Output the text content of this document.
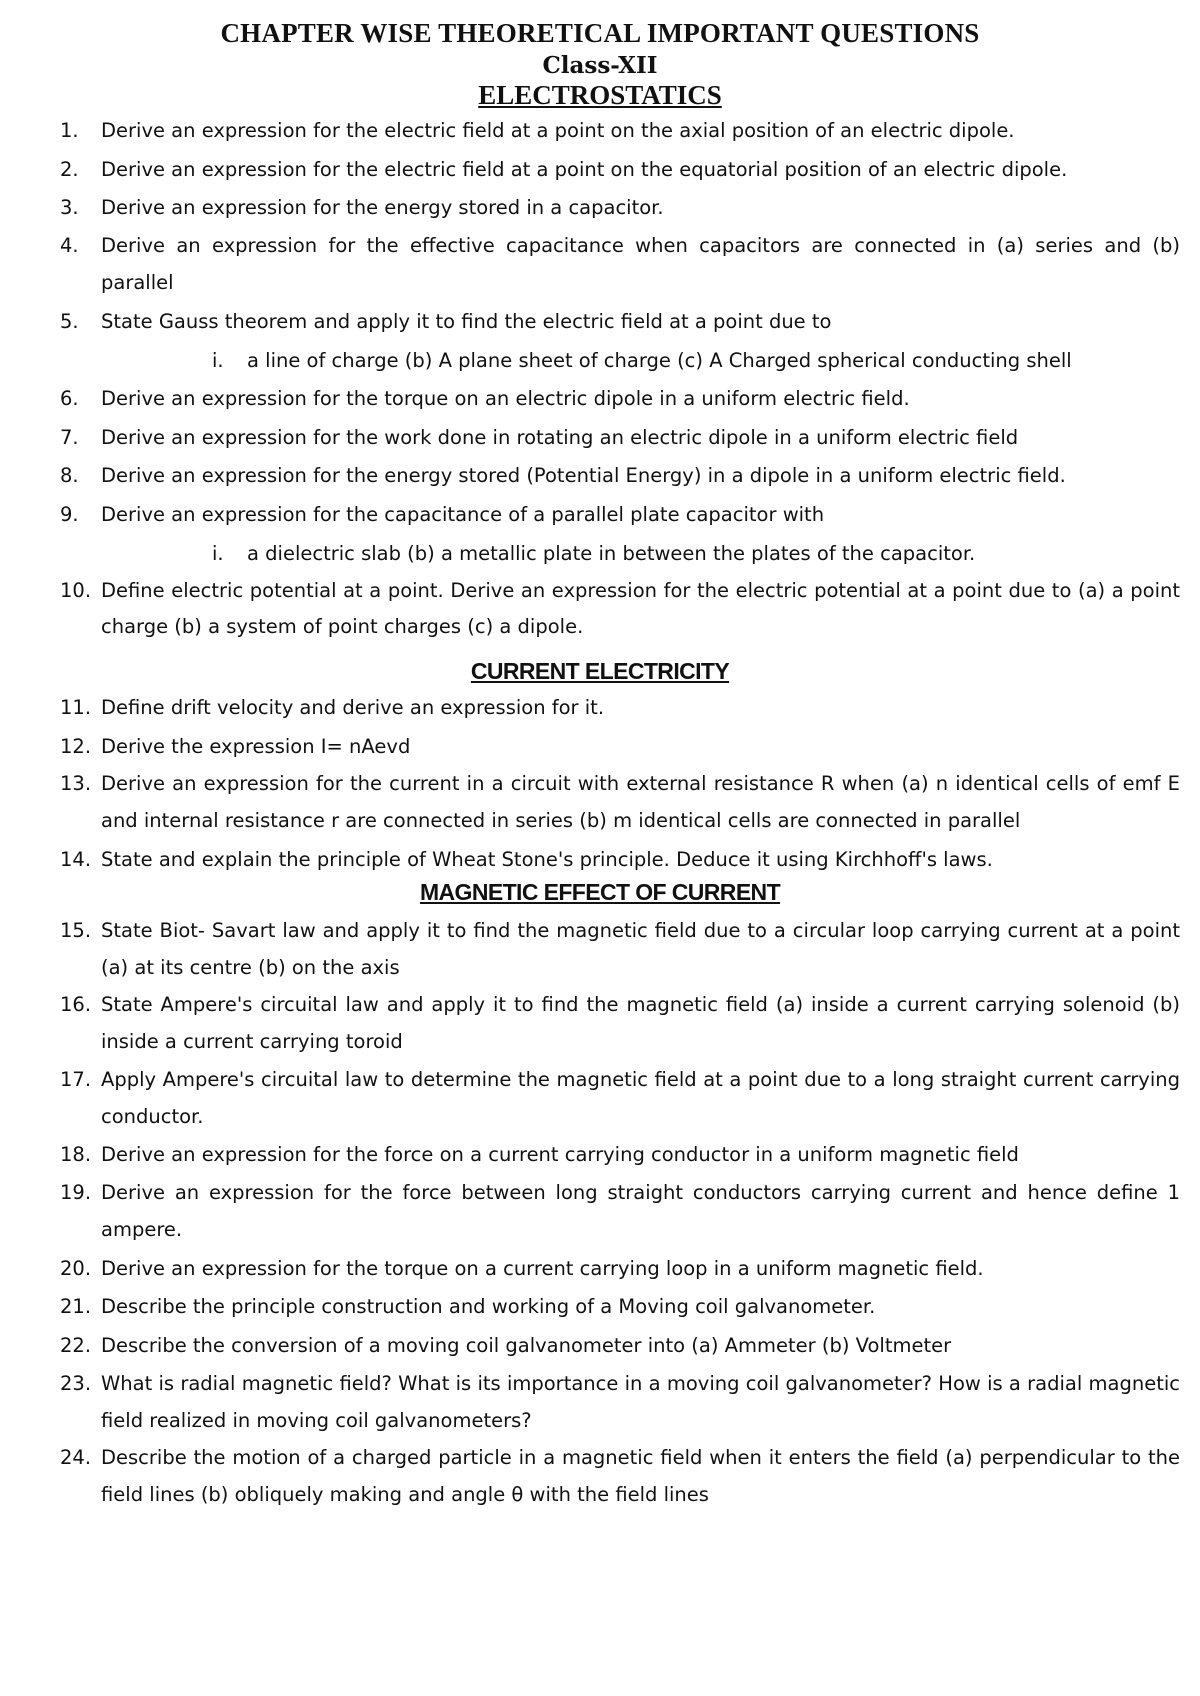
CHAPTER WISE THEORETICAL IMPORTANT QUESTIONS
Class-XII
ELECTROSTATICS
1.	Derive an expression for the electric field at a point on the axial position of an electric dipole.
2.	Derive an expression for the electric field at a point on the equatorial position of an electric dipole.
3.	Derive an expression for the energy stored in a capacitor.
4.	Derive an expression for the effective capacitance when capacitors are connected in (a) series and (b) parallel
5.	State Gauss theorem and apply it to find the electric field at a point due to
i. a line of charge (b) A plane sheet of charge (c) A Charged spherical conducting shell
6.	Derive an expression for the torque on an electric dipole in a uniform electric field.
7.	Derive an expression for the work done in rotating an electric dipole in a uniform electric field
8.	Derive an expression for the energy stored (Potential Energy) in a dipole in a uniform electric field.
9.	Derive an expression for the capacitance of a parallel plate capacitor with
i. a dielectric slab (b) a metallic plate in between the plates of the capacitor.
10. Define electric potential at a point. Derive an expression for the electric potential at a point due to (a) a point charge (b) a system of point charges (c) a dipole.
CURRENT ELECTRICITY
11. Define drift velocity and derive an expression for it.
12. Derive the expression I= nAevd
13. Derive an expression for the current in a circuit with external resistance R when (a) n identical cells of emf E and internal resistance r are connected in series (b) m identical cells are connected in parallel
14. State and explain the principle of Wheat Stone's principle. Deduce it using Kirchhoff's laws.
MAGNETIC EFFECT OF CURRENT
15. State Biot- Savart law and apply it to find the magnetic field due to a circular loop carrying current at a point (a) at its centre (b) on the axis
16. State Ampere's circuital law and apply it to find the magnetic field (a) inside a current carrying solenoid (b) inside a current carrying toroid
17. Apply Ampere's circuital law to determine the magnetic field at a point due to a long straight current carrying conductor.
18. Derive an expression for the force on a current carrying conductor in a uniform magnetic field
19. Derive an expression for the force between long straight conductors carrying current and hence define 1 ampere.
20. Derive an expression for the torque on a current carrying loop in a uniform magnetic field.
21. Describe the principle construction and working of a Moving coil galvanometer.
22. Describe the conversion of a moving coil galvanometer into (a) Ammeter (b) Voltmeter
23. What is radial magnetic field? What is its importance in a moving coil galvanometer? How is a radial magnetic field realized in moving coil galvanometers?
24. Describe the motion of a charged particle in a magnetic field when it enters the field (a) perpendicular to the field lines (b) obliquely making and angle θ with the field lines
